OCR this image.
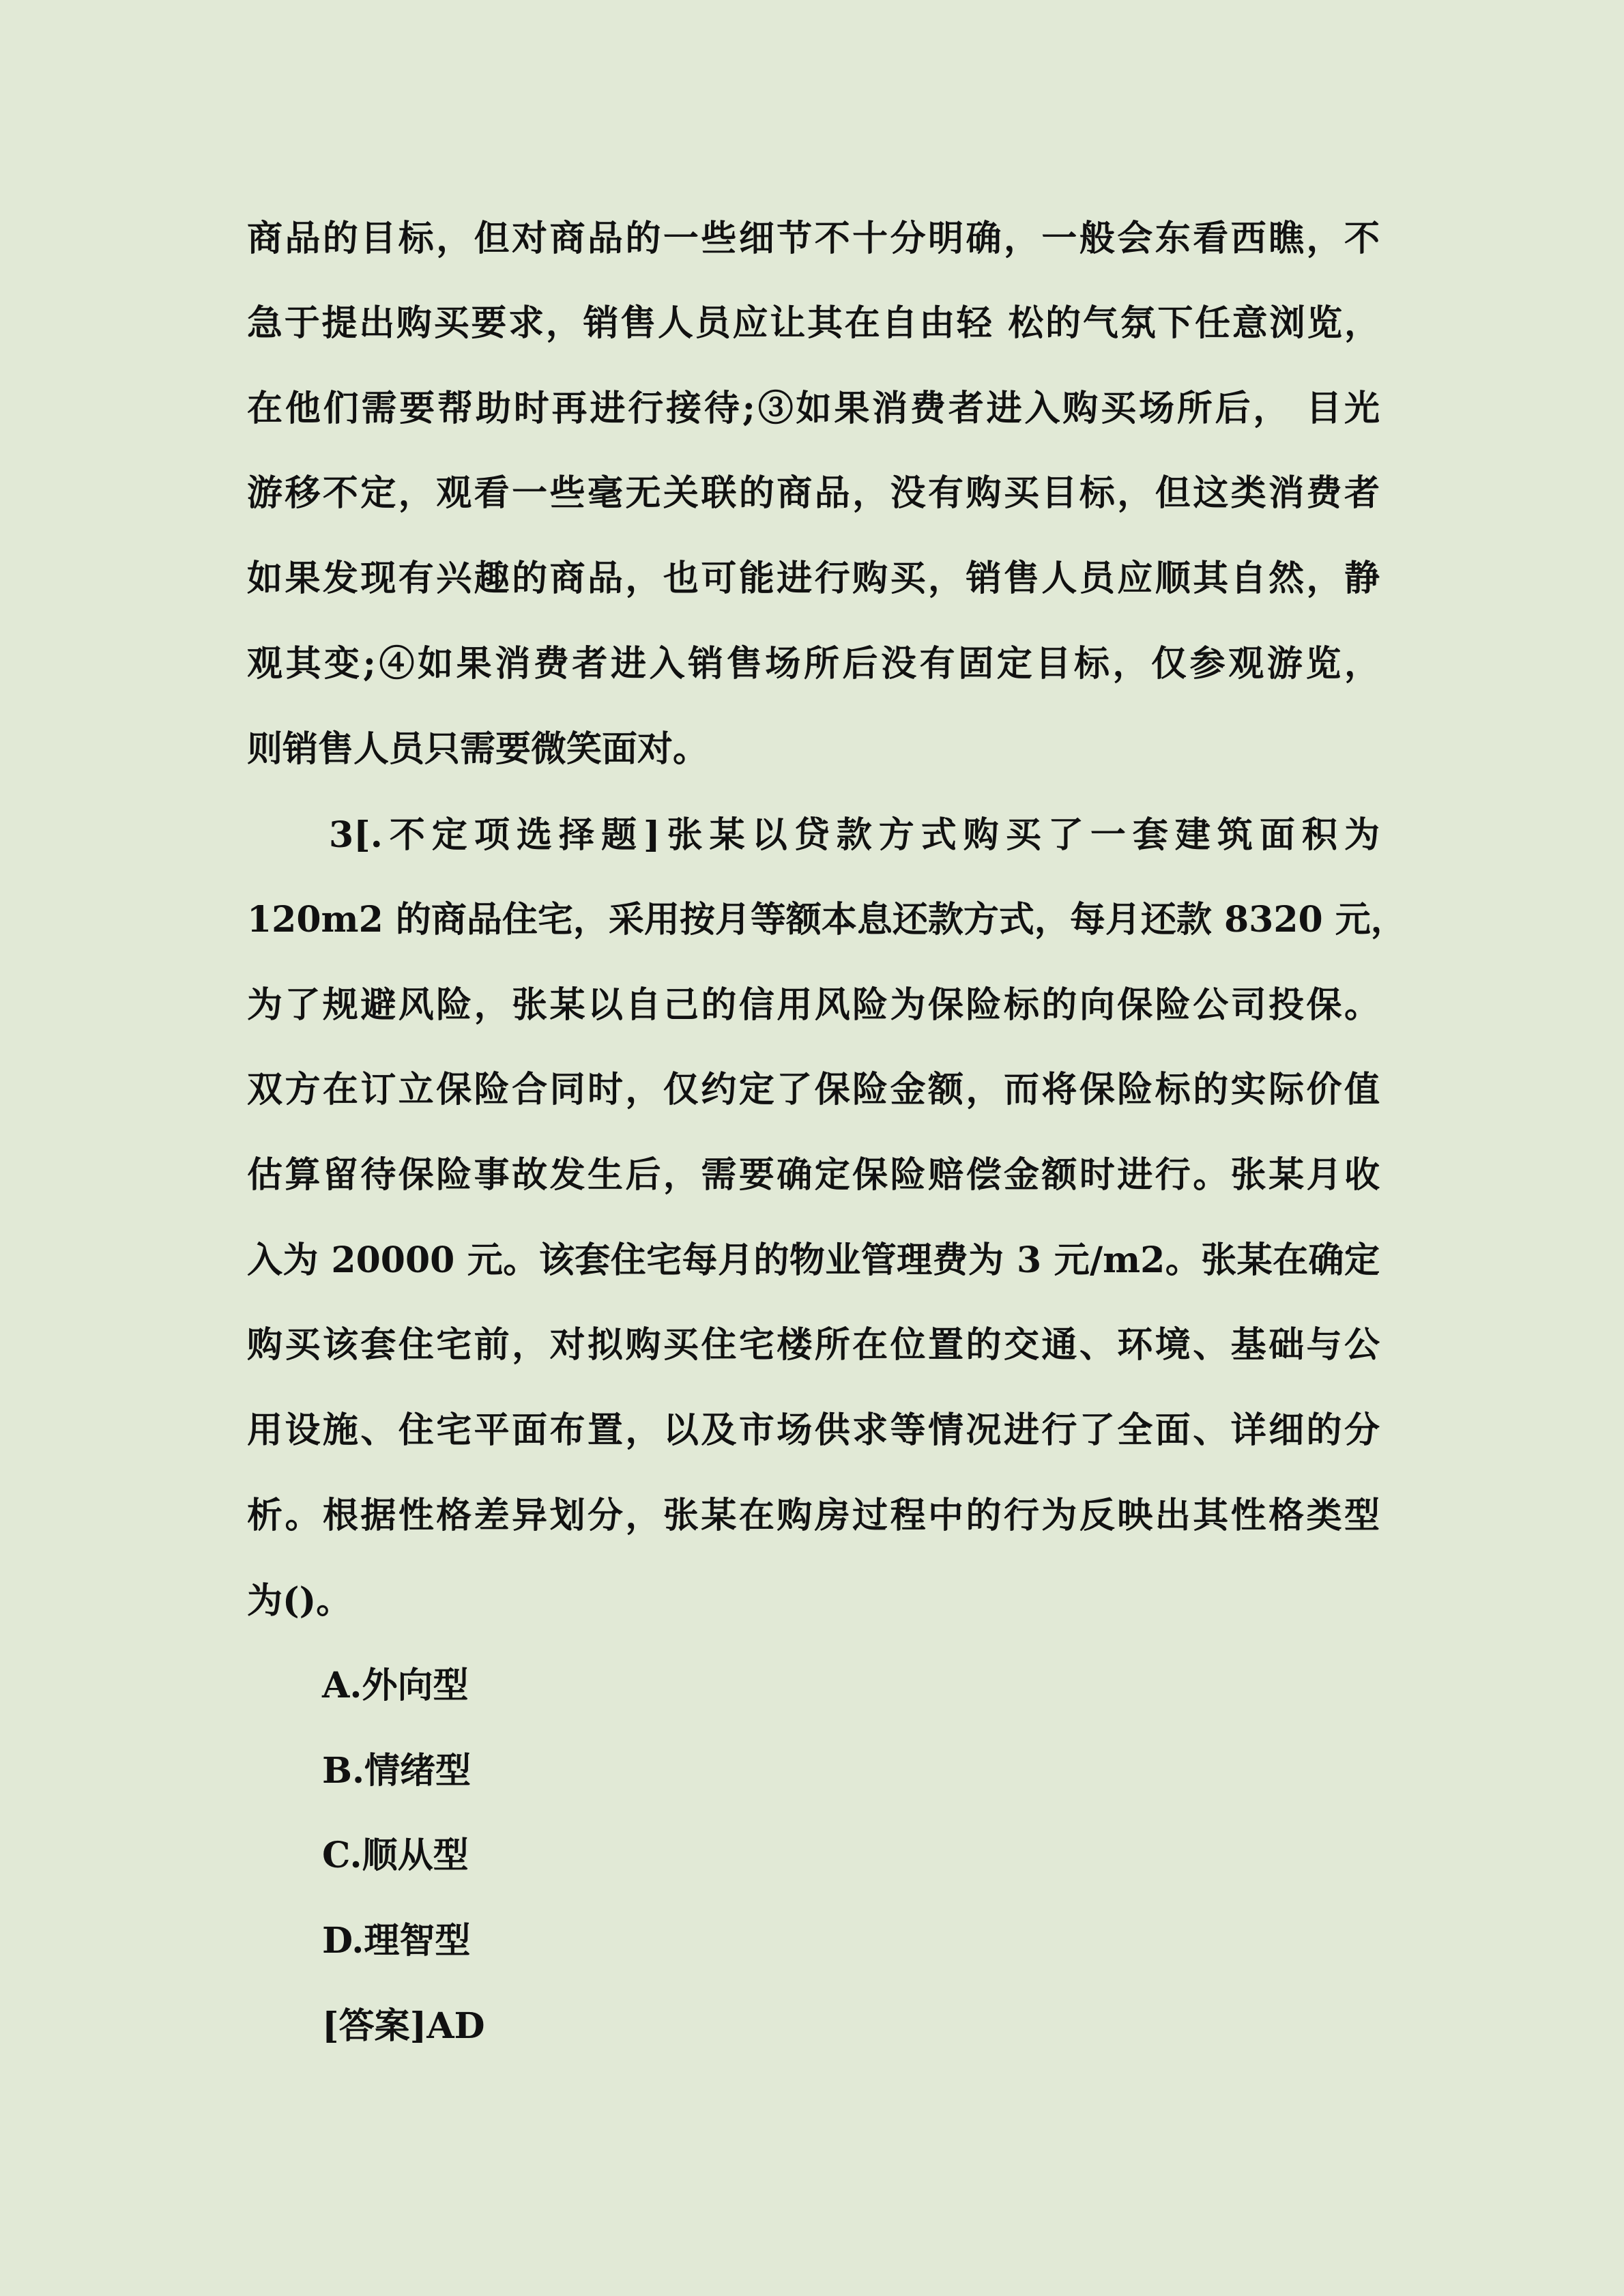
商品的目标，但对商品的一些细节不十分明确，一般会东看西瞧，不
急于提出购买要求，销售人员应让其在自由轻 松的气氛下任意浏览，
在他们需要帮助时再进行接待;③如果消费者进入购买场所后， 目光
游移不定，观看一些毫无关联的商品，没有购买目标，但这类消费者
如果发现有兴趣的商品，也可能进行购买，销售人员应顺其自然，静
观其变;④如果消费者进入销售场所后没有固定目标，仅参观游览，
则销售人员只需要微笑面对。
3[.不定项选择题]张某以贷款方式购买了一套建筑面积为
120m2 的商品住宅，采用按月等额本息还款方式，每月还款 8320 元，
为了规避风险，张某以自己的信用风险为保险标的向保险公司投保。
双方在订立保险合同时，仅约定了保险金额，而将保险标的实际价值
估算留待保险事故发生后，需要确定保险赔偿金额时进行。张某月收
入为 20000 元。该套住宅每月的物业管理费为 3 元/m2。张某在确定
购买该套住宅前，对拟购买住宅楼所在位置的交通、环境、基础与公
用设施、住宅平面布置，以及市场供求等情况进行了全面、详细的分
析。根据性格差异划分，张某在购房过程中的行为反映出其性格类型
为()。
A.外向型
B.情绪型
C.顺从型
D.理智型
[答案]AD
